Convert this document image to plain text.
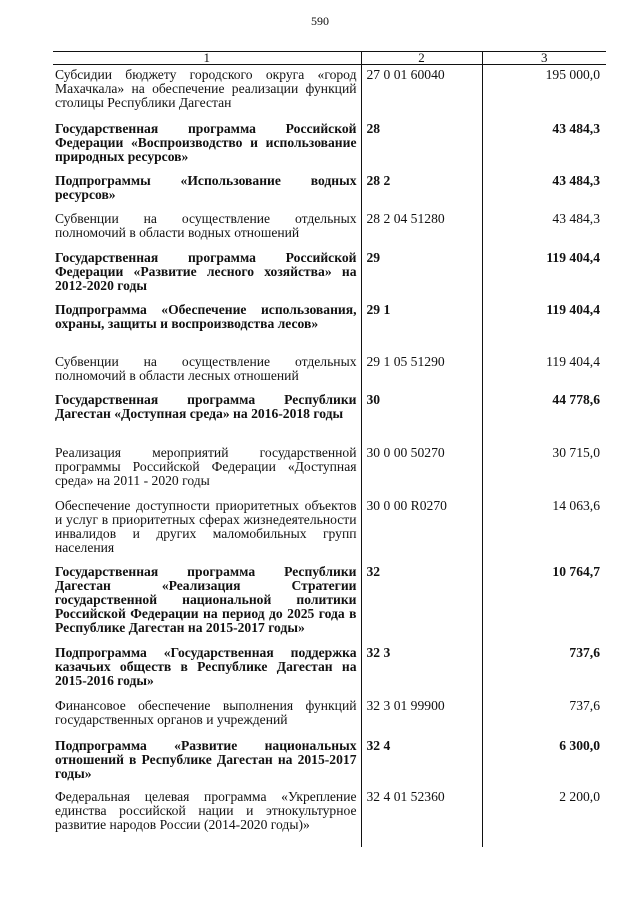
590
1	2	3
Субсидии бюджету городского округа «город Махачкала» на обеспечение реализации функций столицы Республики Дагестан	27 0 01 60040	195 000,0
Государственная программа Российской Федерации «Воспроизводство и использование природных ресурсов»	28	43 484,3
Подпрограммы «Использование водных ресурсов»	28 2	43 484,3
Субвенции на осуществление отдельных полномочий в области водных отношений	28 2 04 51280	43 484,3
Государственная программа Российской Федерации «Развитие лесного хозяйства» на 2012-2020 годы	29	119 404,4
Подпрограмма «Обеспечение использования, охраны, защиты и воспроизводства лесов»	29 1	119 404,4
Субвенции на осуществление отдельных полномочий в области лесных отношений	29 1 05 51290	119 404,4
Государственная программа Республики Дагестан «Доступная среда» на 2016-2018 годы	30	44 778,6
Реализация мероприятий государственной программы Российской Федерации «Доступная среда» на 2011 - 2020 годы	30 0 00 50270	30 715,0
Обеспечение доступности приоритетных объектов и услуг в приоритетных сферах жизнедеятельности инвалидов и других маломобильных групп населения	30 0 00 R0270	14 063,6
Государственная программа Республики Дагестан «Реализация Стратегии государственной национальной политики Российской Федерации на период до 2025 года в Республике Дагестан на 2015-2017 годы»	32	10 764,7
Подпрограмма «Государственная поддержка казачьих обществ в Республике Дагестан на 2015-2016 годы»	32 3	737,6
Финансовое обеспечение выполнения функций государственных органов и учреждений	32 3 01 99900	737,6
Подпрограмма «Развитие национальных отношений в Республике Дагестан на 2015-2017 годы»	32 4	6 300,0
Федеральная целевая программа «Укрепление единства российской нации и этнокультурное развитие народов России (2014-2020 годы)»	32 4 01 52360	2 200,0
